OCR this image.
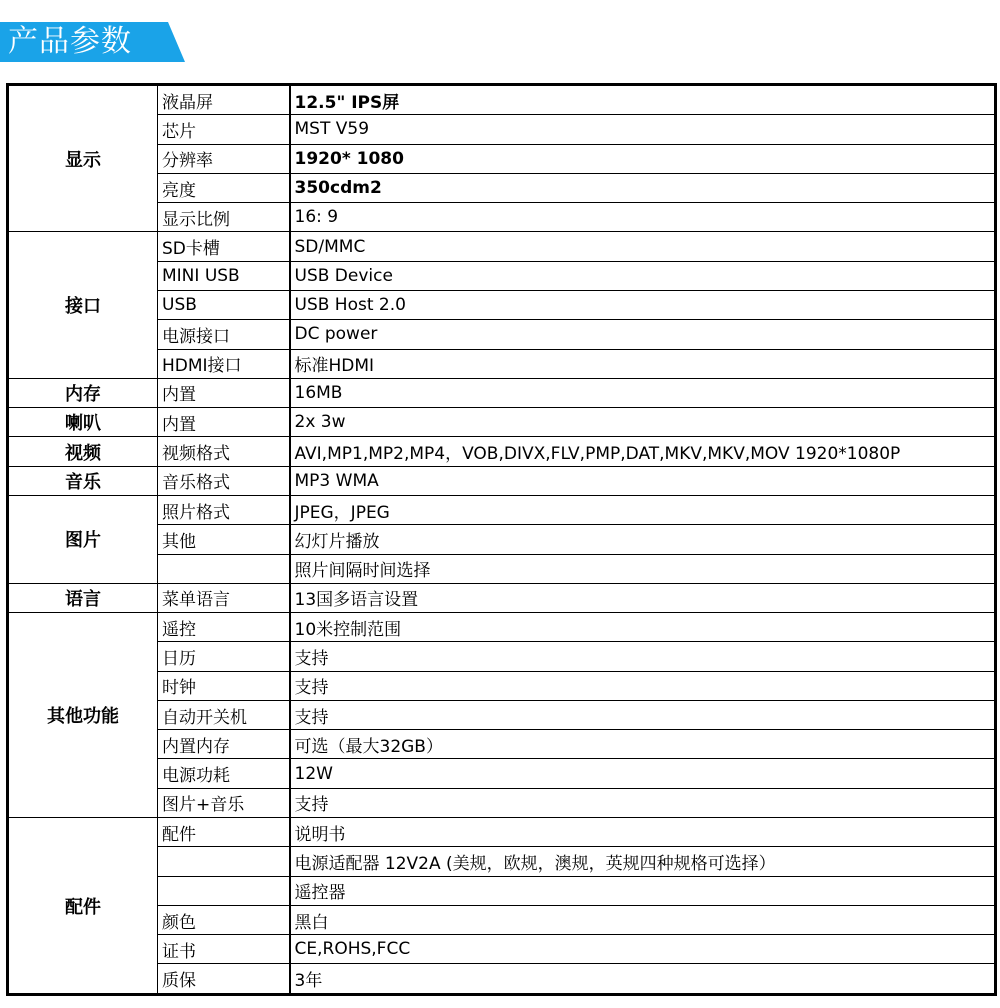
产品参数
显示	液晶屏	12.5" IPS屏
	芯片	MST V59
	分辨率	1920* 1080
	亮度	350cdm2
	显示比例	16: 9
接口	SD卡槽	SD/MMC
	MINI USB	USB Device
	USB	USB Host 2.0
	电源接口	DC power
	HDMI接口	标准HDMI
内存	内置	16MB
喇叭	内置	2x 3w
视频	视频格式	AVI,MP1,MP2,MP4，VOB,DIVX,FLV,PMP,DAT,MKV,MKV,MOV 1920*1080P
音乐	音乐格式	MP3 WMA
图片	照片格式	JPEG，JPEG
	其他	幻灯片播放
		照片间隔时间选择
语言	菜单语言	13国多语言设置
其他功能	遥控	10米控制范围
	日历	支持
	时钟	支持
	自动开关机	支持
	内置内存	可选（最大32GB）
	电源功耗	12W
	图片+音乐	支持
配件	配件	说明书
		电源适配器 12V2A (美规，欧规，澳规，英规四种规格可选择）
		遥控器
	颜色	黑白
	证书	CE,ROHS,FCC
	质保	3年
